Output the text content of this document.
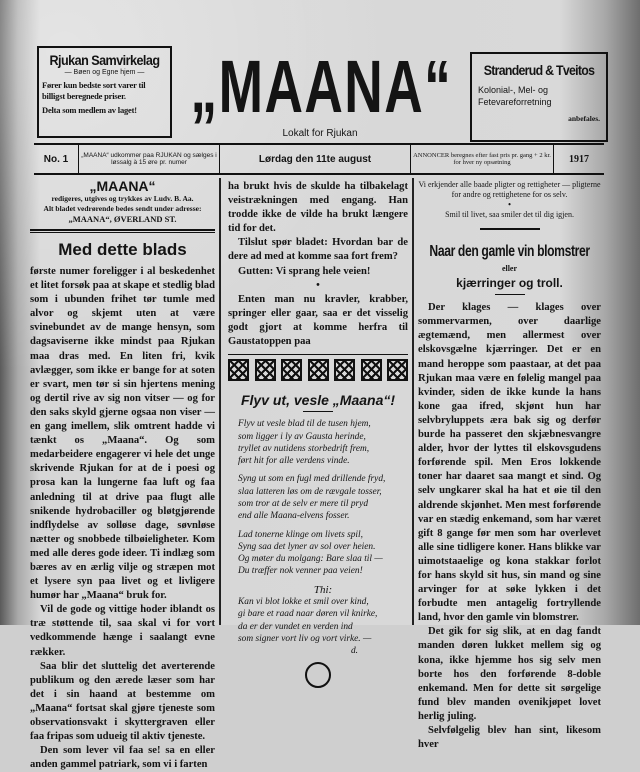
Rjukan Samvirkelag
— Bøen og Egne hjem —
Fører kun bedste sort varer til billigst beregnede priser.
Delta som medlem av laget! „MAANA“
Lokalt for Rjukan
Stranderud & Tveitos
Kolonial-, Mel- og Fetevareforretning
anbefales.
No. 1	„MAANA“ udkommer paa RJUKAN og sælges i løssalg à 15 øre pr. numer	Lørdag den 11te august	ANNONCER beregnes efter fast pris pr. gang + 2 kr. for hver ny opsætning	1917
„MAANA“
redigeres, utgives og trykkes av Ludv. B. Aa.
Alt bladet vedrørende bedes sendt under adresse:
„MAANA“, ØVERLAND ST.
Med dette blads

første numer foreligger i al beskedenhet et litet forsøk paa at skape et stedlig blad som i ubunden frihet tør tumle med alvor og skjemt uten at være svinebundet av de mange hensyn, som dagsaviserne ikke mindst paa Rjukan maa dras med. En liten fri, kvik avlægger, som ikke er bange for at soten er svart, men tør si sin hjertens mening og dertil rive av sig non vitser — og for den saks skyld gjerne ogsaa non viser — en gang imellem, slik omtrent hadde vi tænkt os „Maana“. Og som medarbeidere engagerer vi hele det unge skrivende Rjukan for at de i poesi og prosa kan la lungerne faa luft og faa anledning til at drive paa flugt alle snikende hydrobaciller og bløtgjørende indflydelse av solløse dage, søvnløse nætter og snobbede tilbøieligheter. Kom med alle deres gode ideer. Ti indlæg som bæres av en ærlig vilje og stræpen mot et lysere syn paa livet og et livligere humør har „Maana“ bruk for.

Vil de gode og vittige hoder iblandt os træ støttende til, saa skal vi for vort vedkommende hænge i saalangt evne rækker.

Saa blir det sluttelig det averterende publikum og den ærede læser som har det i sin haand at bestemme om „Maana“ fortsat skal gjøre tjeneste som observationsvakt i skyttergraven eller faa fripas som udueig til aktiv tjeneste.

Den som lever vil faa se! sa en eller anden gammel patriark, som vi i farten

ha brukt hvis de skulde ha tilbakelagt veistrækningen med engang. Han trodde ikke de vilde ha brukt længere tid for det.

Tilslut spør bladet: Hvordan bar de dere ad med at komme saa fort frem?

Gutten: Vi sprang hele veien!

•

Enten man nu kravler, krabber, springer eller gaar, saa er det visselig godt gjort at komme herfra til Gaustatoppen paa

Flyv ut, vesle „Maana“!
Flyv ut vesle blad til de tusen hjem,
som ligger i ly av Gausta herinde,
tryllet av nutidens storbedrift frem,
ført hit for alle verdens vinde.
Syng ut som en fugl med drillende fryd,
slaa latteren løs om de rævgale tosser,
som tror at de selv er mere til pryd
end alle Maana-elvens fosser.
Lad tonerne klinge om livets spil,
Syng saa det lyner av sol over heien.
Og møter du molgang: Bare slaa til —
Du træffer nok venner paa veien!
Thi:
Kan vi blot lokke et smil over kind,
gi bare et raad naar døren vil knirke,
da er der vundet en verden ind
som signer vort liv og vort virke. —
d.
Vi erkjender alle baade pligter og rettigheter — pligterne for andre og rettighetene for os selv.
•
Smil til livet, saa smiler det til dig igjen.
Naar den gamle vin blomstrer
eller
kjærringer og troll.

Der klages — klages over sommervarmen, over daarlige ægtemænd, men allermest over elskovsgælne kjærringer. Det er en mand heroppe som paastaar, at det paa Rjukan maa være en følelig mangel paa kvinder, siden de ikke kunde la hans kone gaa ifred, skjønt hun har selvbryluppets æra bak sig og derfør burde ha passeret den skjæbnesvangre alder, hvor der lyttes til elskovsgudens forførende spil. Men Eros lokkende toner har daaret saa mangt et sind. Og selv ungkarer skal ha hat et øie til den aldrende skjønhet. Men mest forførende var en stædig enkemand, som har været gift 8 gange før men som har overlevet alle sine tidligere koner. Hans blikke var uimotstaaelige og kona stakkar forlot for hans skyld sit hus, sin mand og sine arvinger for at søke lykken i det forbudte men antagelig fortryllende land, hvor den gamle vin blomstrer.

Det gik for sig slik, at en dag fandt manden døren lukket mellem sig og kona, ikke hjemme hos sig selv men borte hos den forførende 8-doble enkemand. Men for dette sit sørgelige fund blev manden ovenikjøpet lovet herlig juling.

Selvfølgelig blev han sint, likesom hver
